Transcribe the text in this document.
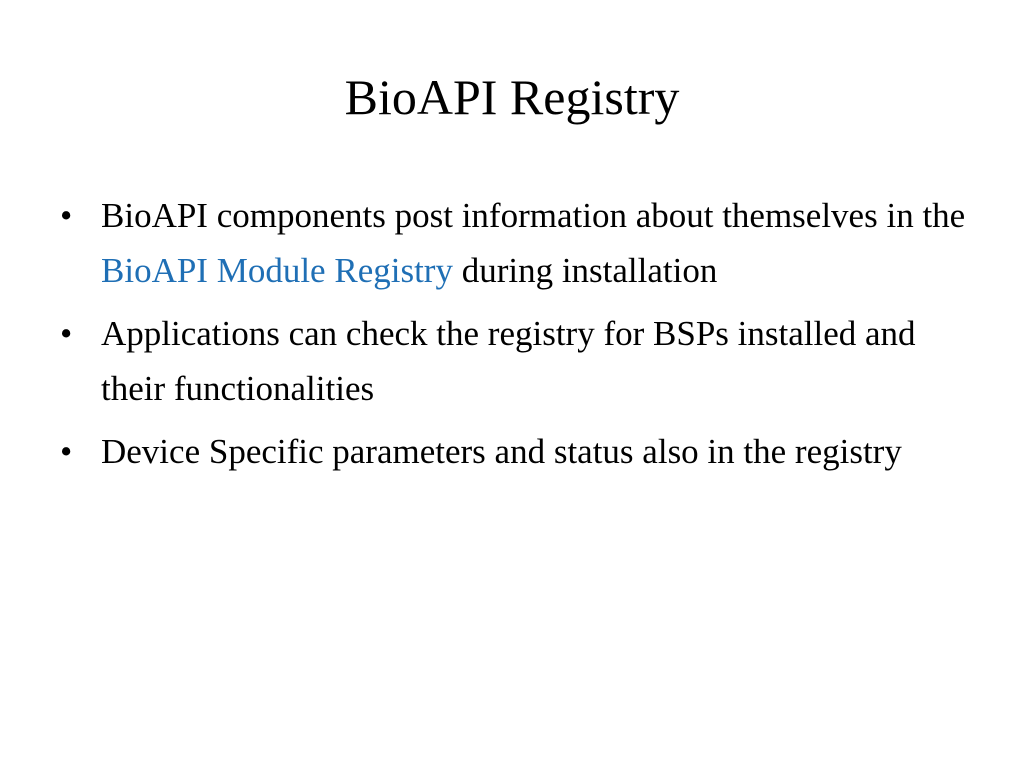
BioAPI Registry
• BioAPI components post information about themselves in the BioAPI Module Registry during installation
• Applications can check the registry for BSPs installed and their functionalities
• Device Specific parameters and status also in the registry
